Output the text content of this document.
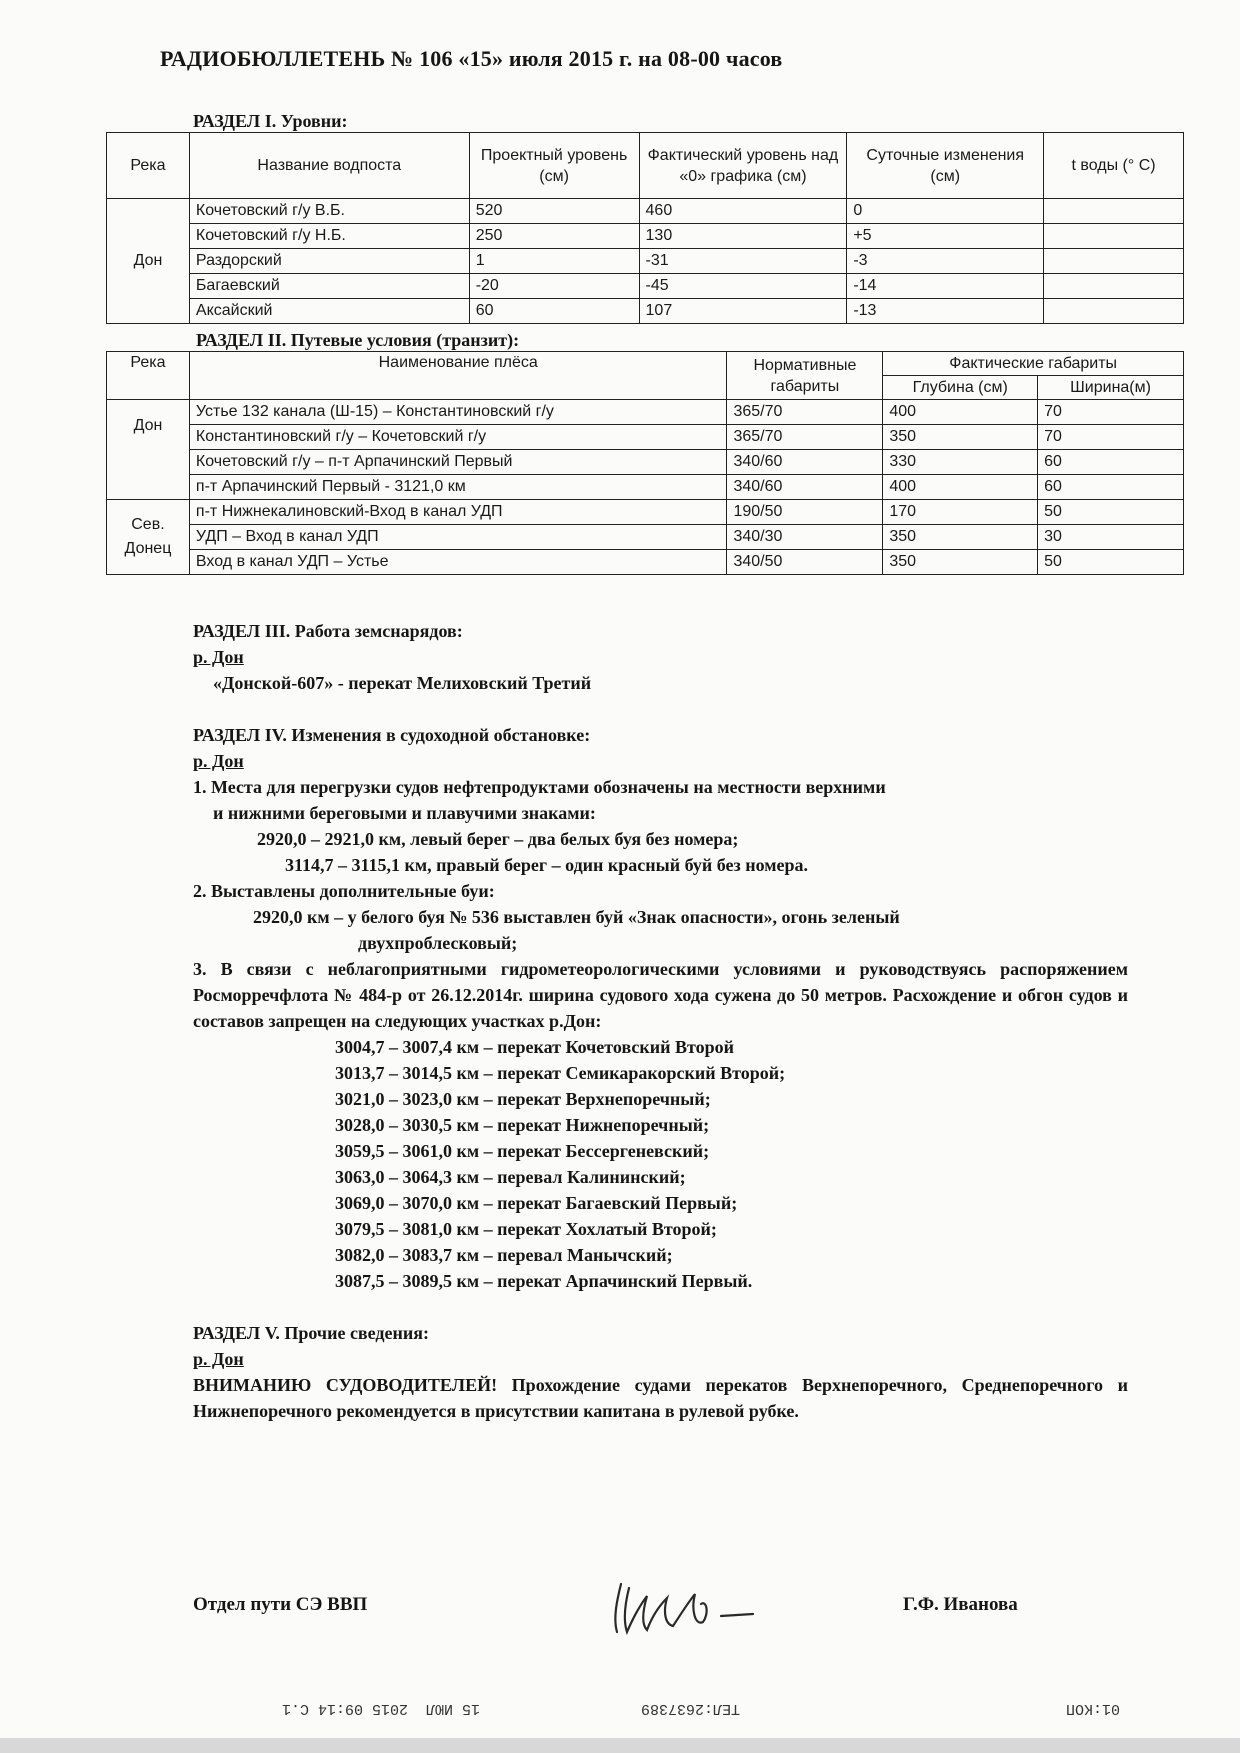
РАДИОБЮЛЛЕТЕНЬ № 106 «15» июля 2015 г. на 08-00 часов
РАЗДЕЛ I. Уровни:
Река	Название водпоста	Проектный уровень (см)	Фактический уровень над «0» графика (см)	Суточные изменения (см)	t воды (° С)
Дон	Кочетовский г/у В.Б.	520	460	0	
	Кочетовский г/у Н.Б.	250	130	+5	
	Раздорский	1	-31	-3	
	Багаевский	-20	-45	-14	
	Аксайский	60	107	-13	
РАЗДЕЛ II. Путевые условия (транзит):
Река	Наименование плёса	Нормативные габариты	Фактические габариты	
			Глубина (см)	Ширина(м)
Дон	Устье 132 канала (Ш-15) – Константиновский г/у	365/70	400	70
	Константиновский г/у – Кочетовский г/у	365/70	350	70
	Кочетовский г/у – п-т Арпачинский Первый	340/60	330	60
	п-т Арпачинский Первый - 3121,0 км	340/60	400	60
Сев. Донец	п-т Нижнекалиновский-Вход в канал УДП	190/50	170	50
	УДП – Вход в канал УДП	340/30	350	30
	Вход в канал УДП – Устье	340/50	350	50
РАЗДЕЛ III. Работа земснарядов:
р. Дон
«Донской-607» - перекат Мелиховский Третий
РАЗДЕЛ IV. Изменения в судоходной обстановке:
р. Дон
1. Места для перегрузки судов нефтепродуктами обозначены на местности верхними
и нижними береговыми и плавучими знаками:
2920,0 – 2921,0 км, левый берег – два белых буя без номера;
3114,7 – 3115,1 км, правый берег – один красный буй без номера.
2. Выставлены дополнительные буи:
2920,0 км – у белого буя № 536 выставлен буй «Знак опасности», огонь зеленый
двухпроблесковый;
3. В связи с неблагоприятными гидрометеорологическими условиями и руководствуясь распоряжением Росморречфлота № 484-р от 26.12.2014г. ширина судового хода сужена до 50 метров. Расхождение и обгон судов и составов запрещен на следующих участках р.Дон:
3004,7 – 3007,4 км – перекат Кочетовский Второй
3013,7 – 3014,5 км – перекат Семикаракорский Второй;
3021,0 – 3023,0 км – перекат Верхнепоречный;
3028,0 – 3030,5 км – перекат Нижнепоречный;
3059,5 – 3061,0 км – перекат Бессергеневский;
3063,0 – 3064,3 км – перевал Калининский;
3069,0 – 3070,0 км – перекат Багаевский Первый;
3079,5 – 3081,0 км – перекат Хохлатый Второй;
3082,0 – 3083,7 км – перевал Манычский;
3087,5 – 3089,5 км – перекат Арпачинский Первый.
РАЗДЕЛ V. Прочие сведения:
р. Дон
ВНИМАНИЮ СУДОВОДИТЕЛЕЙ! Прохождение судами перекатов Верхнепоречного, Среднепоречного и Нижнепоречного рекомендуется в присутствии капитана в рулевой рубке.
Отдел пути СЭ ВВП	Г.Ф. Иванова
01:КОП
ТЕЛ:2637389
15 ИЮЛ  2015 09:14 С.1
